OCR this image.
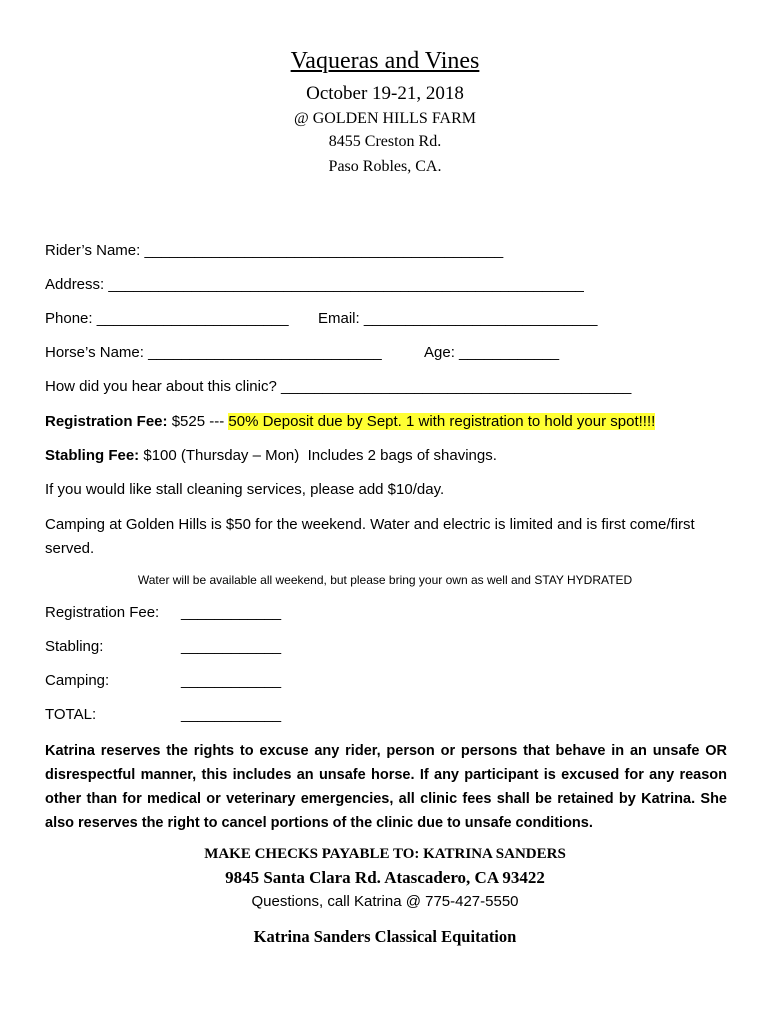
Vaqueras and Vines
October 19-21, 2018
@ GOLDEN HILLS FARM
8455 Creston Rd.
Paso Robles, CA.
Rider’s Name: ___________________________________________
Address: _________________________________________________________
Phone: _______________________ Email: ____________________________
Horse’s Name: ____________________________	Age: ____________
How did you hear about this clinic? __________________________________________
Registration Fee: $525 --- 50% Deposit due by Sept. 1 with registration to hold your spot!!!!
Stabling Fee: $100 (Thursday – Mon)  Includes 2 bags of shavings.
If you would like stall cleaning services, please add $10/day.
Camping at Golden Hills is $50 for the weekend. Water and electric is limited and is first come/first served.
Water will be available all weekend, but please bring your own as well and STAY HYDRATED
Registration Fee: ____________
Stabling:	____________
Camping:	____________
TOTAL:	____________
Katrina reserves the rights to excuse any rider, person or persons that behave in an unsafe OR disrespectful manner, this includes an unsafe horse. If any participant is excused for any reason other than for medical or veterinary emergencies, all clinic fees shall be retained by Katrina. She also reserves the right to cancel portions of the clinic due to unsafe conditions.
MAKE CHECKS PAYABLE TO: KATRINA SANDERS
9845 Santa Clara Rd. Atascadero, CA 93422
Questions, call Katrina @ 775-427-5550
Katrina Sanders Classical Equitation
